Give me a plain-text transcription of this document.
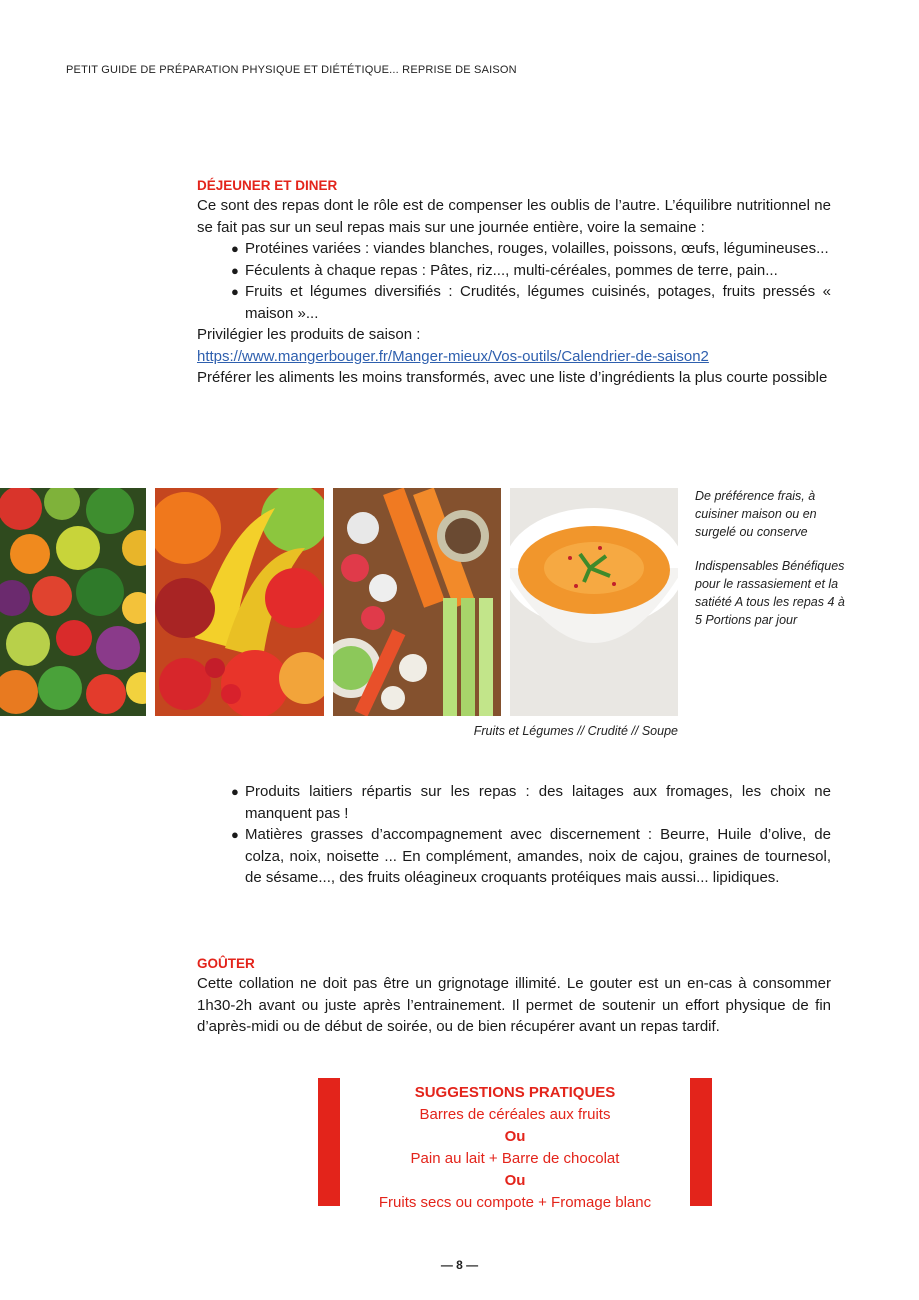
PETIT GUIDE DE PRÉPARATION PHYSIQUE ET DIÉTÉTIQUE... REPRISE DE SAISON
DÉJEUNER ET DINER

Ce sont des repas dont le rôle est de compenser les oublis de l’autre. L’équilibre nutritionnel ne se fait pas sur un seul repas mais sur une journée entière, voire la semaine :

● Protéines variées : viandes blanches, rouges, volailles, poissons, œufs, légumineuses...
● Féculents à chaque repas : Pâtes, riz..., multi-céréales, pommes de terre, pain...
● Fruits et légumes diversifiés : Crudités, légumes cuisinés, potages, fruits pressés « maison »...

Privilégier les produits de saison :

https://www.mangerbouger.fr/Manger-mieux/Vos-outils/Calendrier-de-saison2

Préférer les aliments les moins transformés, avec une liste d’ingrédients la plus courte possible

De préférence frais, à cuisiner maison ou en surgelé ou conserve
Indispensables Bénéfiques pour le rassasiement et la satiété A tous les repas 4 à 5 Portions par jour
Fruits et Légumes // Crudité // Soupe
● Produits laitiers répartis sur les repas : des laitages aux fromages, les choix ne manquent pas !
● Matières grasses d’accompagnement avec discernement : Beurre, Huile d’olive, de colza, noix, noisette ... En complément, amandes, noix de cajou, graines de tournesol, de sésame..., des fruits oléagineux croquants protéiques mais aussi... lipidiques.
GOÛTER

Cette collation ne doit pas être un grignotage illimité. Le gouter est un en-cas à consommer 1h30-2h avant ou juste après l’entrainement. Il permet de soutenir un effort physique de fin d’après-midi ou de début de soirée, ou de bien récupérer avant un repas tardif.

SUGGESTIONS PRATIQUES
Barres de céréales aux fruits
Ou
Pain au lait + Barre de chocolat
Ou
Fruits secs ou compote + Fromage blanc
— 8 —
